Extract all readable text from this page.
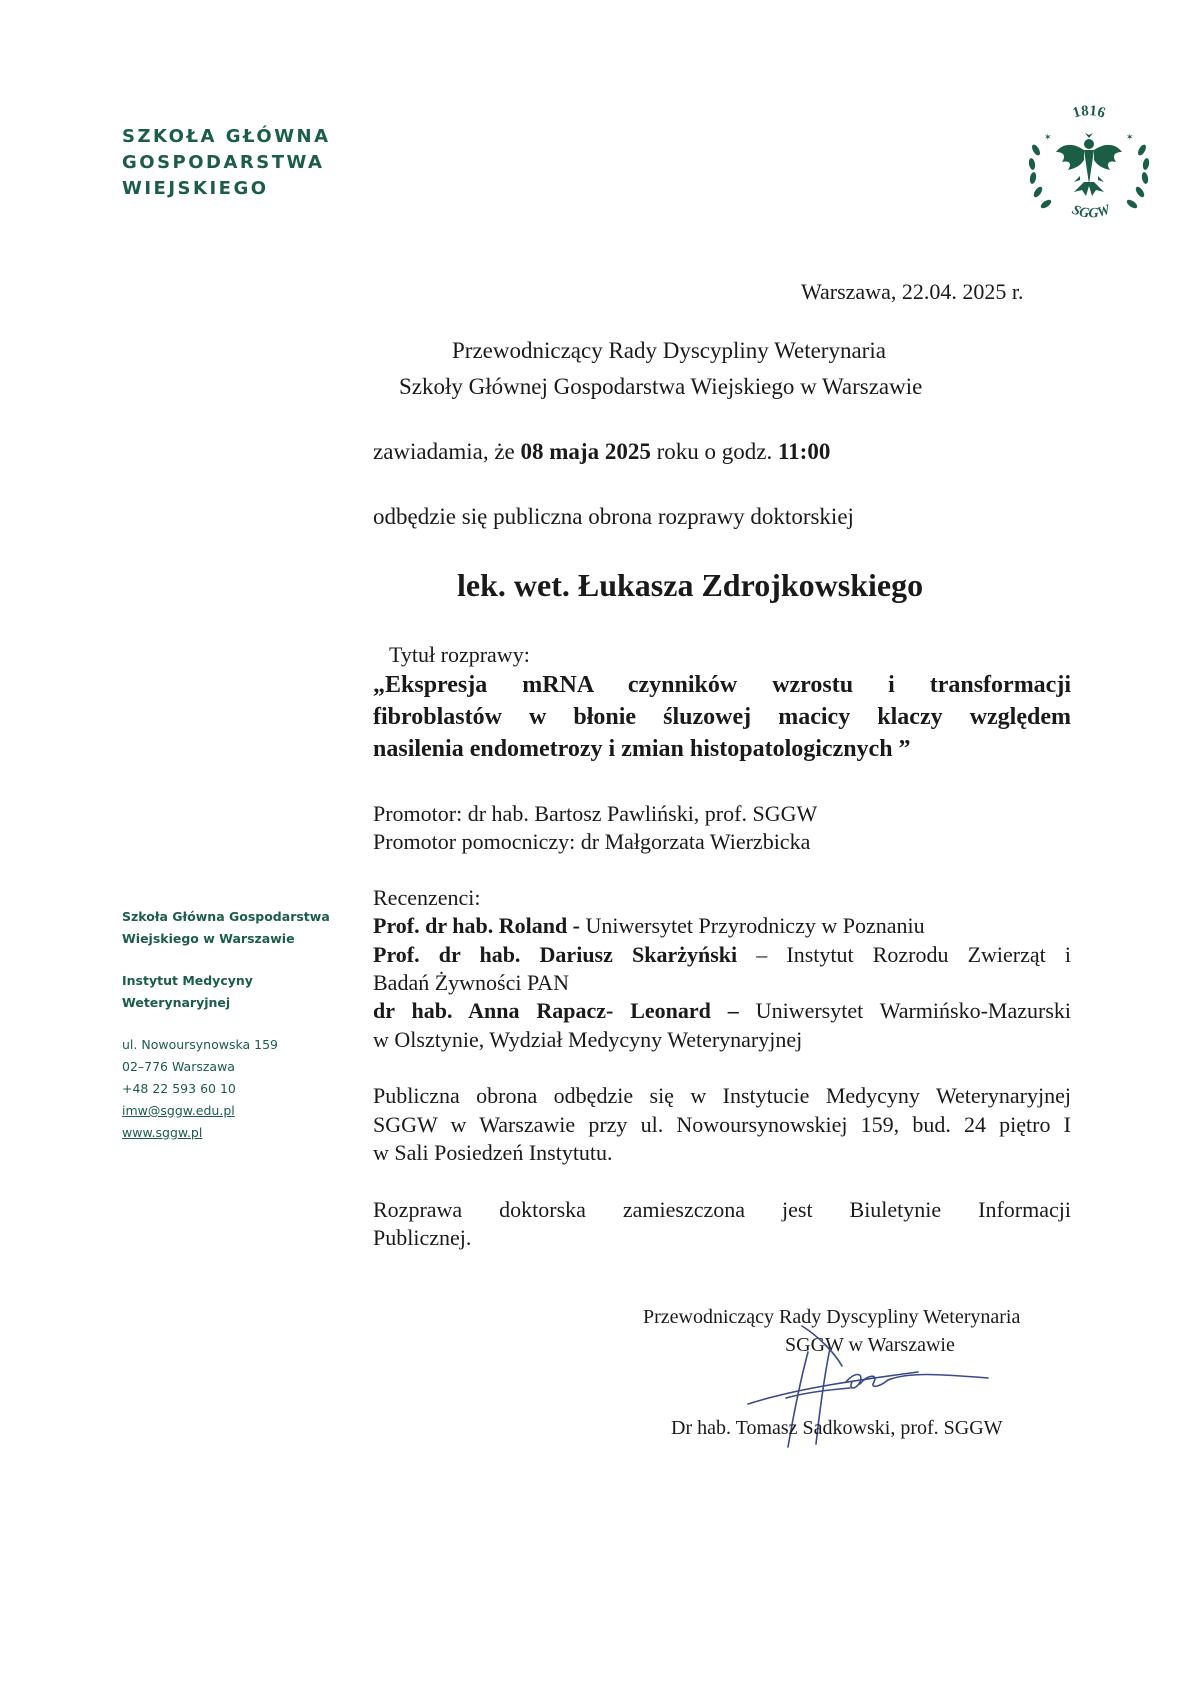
SZKOŁA GŁÓWNA
GOSPODARSTWA
WIEJSKIEGO
1816
SGGW
✶	✶
Warszawa, 22.04. 2025 r.
Przewodniczący Rady Dyscypliny Weterynaria
Szkoły Głównej Gospodarstwa Wiejskiego w Warszawie
zawiadamia, że 08 maja 2025 roku o godz. 11:00
odbędzie się publiczna obrona rozprawy doktorskiej
lek. wet. Łukasza Zdrojkowskiego
Tytuł rozprawy:
„Ekspresja mRNA czynników wzrostu i transformacji
fibroblastów w błonie śluzowej macicy klaczy względem
nasilenia endometrozy i zmian histopatologicznych ”
Promotor: dr hab. Bartosz Pawliński, prof. SGGW
Promotor pomocniczy: dr Małgorzata Wierzbicka
Recenzenci:
Prof. dr hab. Roland - Uniwersytet Przyrodniczy w Poznaniu
Prof. dr hab. Dariusz Skarżyński – Instytut Rozrodu Zwierząt i
Badań Żywności PAN
dr hab. Anna Rapacz- Leonard – Uniwersytet Warmińsko-Mazurski
w Olsztynie, Wydział Medycyny Weterynaryjnej
Publiczna obrona odbędzie się w Instytucie Medycyny Weterynaryjnej
SGGW w Warszawie przy ul. Nowoursynowskiej 159, bud. 24 piętro I
w Sali Posiedzeń Instytutu.
Rozprawa doktorska zamieszczona jest Biuletynie Informacji
Publicznej.
Szkoła Główna Gospodarstwa
Wiejskiego w Warszawie
Instytut Medycyny
Weterynaryjnej
ul. Nowoursynowska 159
02–776 Warszawa
+48 22 593 60 10
imw@sggw.edu.pl
www.sggw.pl
Przewodniczący Rady Dyscypliny Weterynaria
SGGW w Warszawie
Dr hab. Tomasz Sadkowski, prof. SGGW
